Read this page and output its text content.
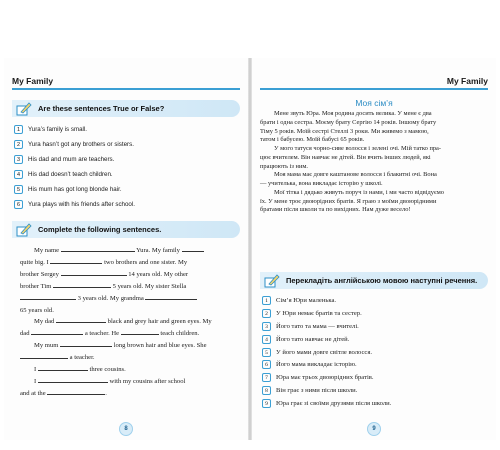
My Family
Are these sentences True or False?
1	Yura’s family is small.
2	Yura hasn’t got any brothers or sisters.
3	His dad and mum are teachers.
4	His dad doesn’t teach children.
5	His mum has got long blonde hair.
6	Yura plays with his friends after school.
Complete the following sentences.
My name	Yura. My family
quite big. I	two brothers and one sister. My
brother Sergey	14 years old. My other
brother Tim	5 years old. My sister Stella
3 years old. My grandma
65 years old.
My dad	black and grey hair and green eyes. My
dad	a teacher. He	teach children.
My mum	long brown hair and blue eyes. She
a teacher.
I	three cousins.
I	with my cousins after school
and at the	.
8
My Family
Моя сім’я
Мене звуть Юра. Моя родина досить велика. У мене є два
брати і одна сестра. Моєму брату Сергію 14 років. Іншому брату
Тіму 5 років. Моїй сестрі Стеллі 3 роки. Ми живемо з мамою,
татом і бабусею. Моїй бабусі 65 років.
У мого татуся чорно-сиве волосся і зелені очі. Мій татко пра-
цює вчителем. Він навчає не дітей. Він вчить інших людей, які
працюють із ним.
Моя мама має довге каштанове волосся і блакитні очі. Вона
— учителька, вона викладає історію у школі.
Мої тітка і дядько живуть поруч із нами, і ми часто відвідуємо
їх. У мене троє двоюрідних братів. Я граю з моїми двоюрідними
братами після школи та по вихідних. Нам дуже весело!
Перекладіть англійською мовою наступні речення.
1	Сім’я Юри маленька.
2	У Юри немає братів та сестер.
3	Його тато та мама — вчителі.
4	Його тато навчає не дітей.
5	У його мами довге світле волосся.
6	Його мама викладає історію.
7	Юра має трьох двоюрідних братів.
8	Він грає з ними після школи.
9	Юра грає зі своїми друзями після школи.
9
